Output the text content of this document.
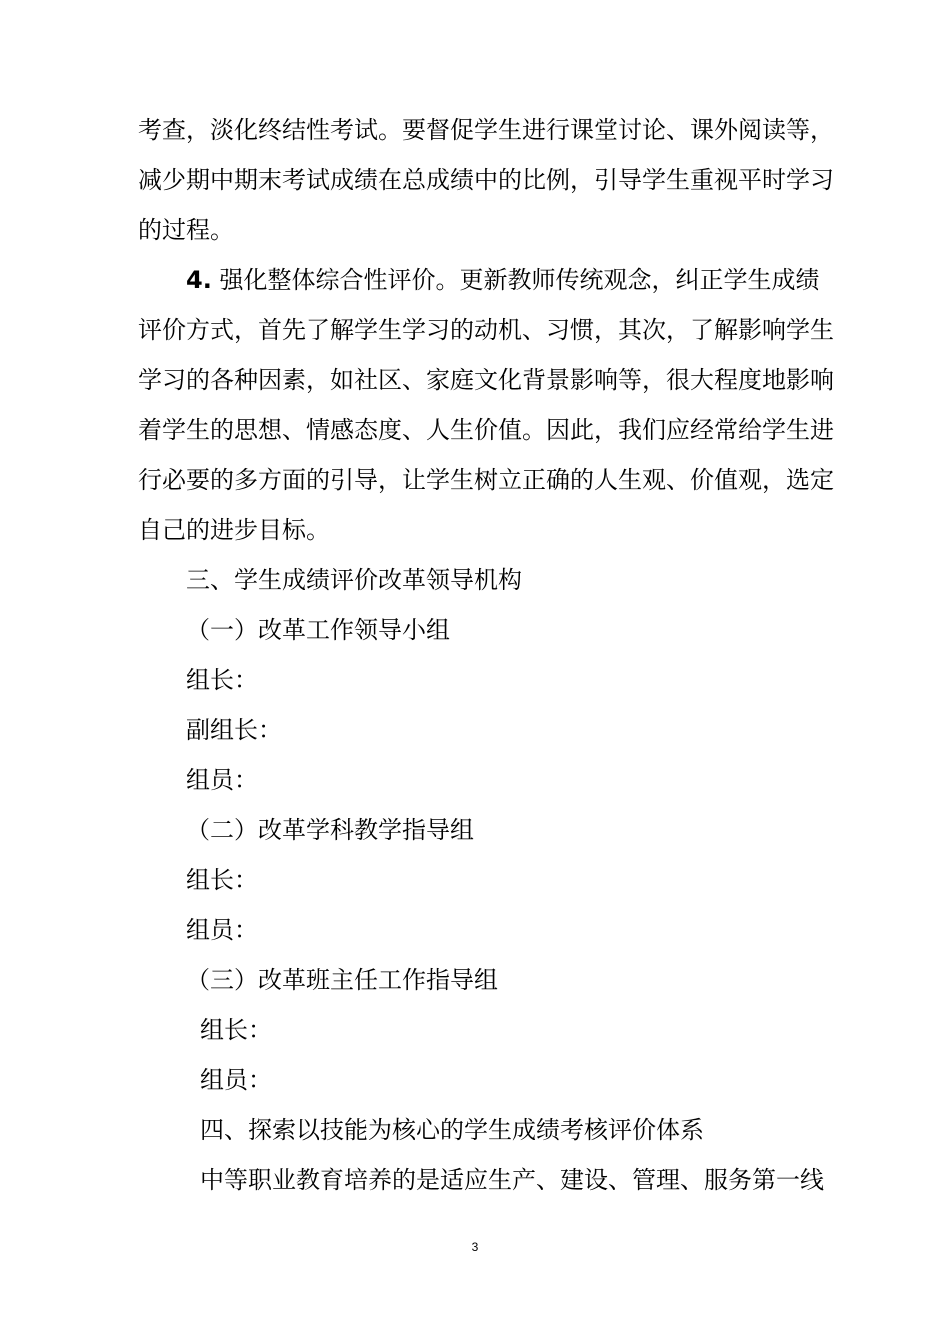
考查，淡化终结性考试。要督促学生进行课堂讨论、课外阅读等，

减少期中期末考试成绩在总成绩中的比例，引导学生重视平时学习

的过程。

4. 强化整体综合性评价。更新教师传统观念，纠正学生成绩

评价方式，首先了解学生学习的动机、习惯，其次，了解影响学生

学习的各种因素，如社区、家庭文化背景影响等，很大程度地影响

着学生的思想、情感态度、人生价值。因此，我们应经常给学生进

行必要的多方面的引导，让学生树立正确的人生观、价值观，选定

自己的进步目标。

三、学生成绩评价改革领导机构

（一）改革工作领导小组

组长：

副组长：

组员：

（二）改革学科教学指导组

组长：

组员：

（三）改革班主任工作指导组

组长：

组员：

四、探索以技能为核心的学生成绩考核评价体系

中等职业教育培养的是适应生产、建设、管理、服务第一线

3
